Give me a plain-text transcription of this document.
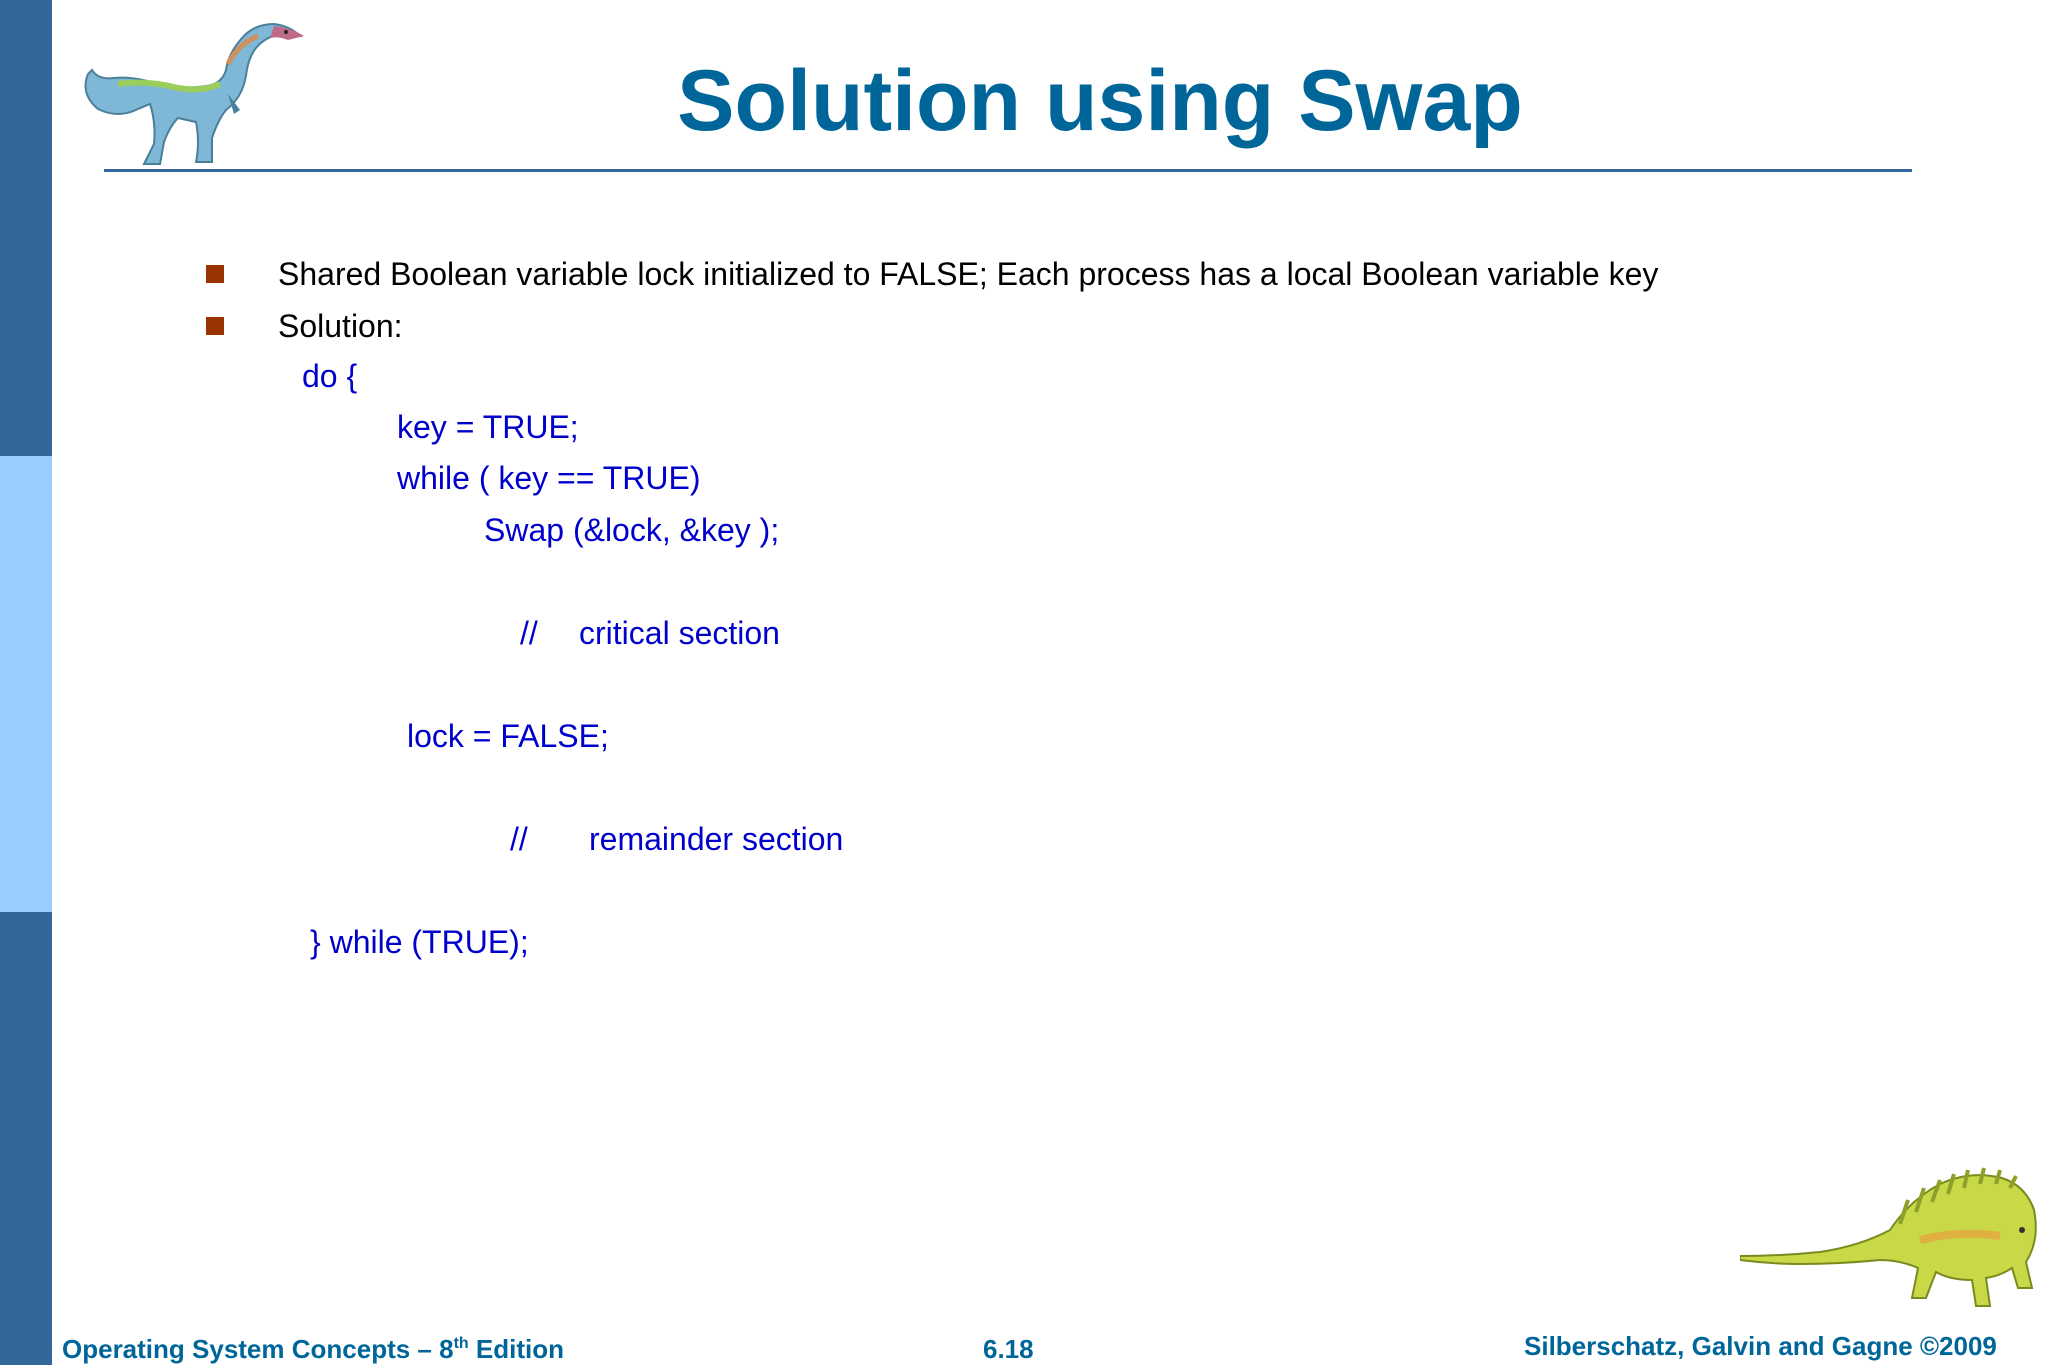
Solution using Swap
Shared Boolean variable lock initialized to FALSE; Each process has a local Boolean variable key
Solution:
do {
key = TRUE;
while ( key == TRUE)
Swap (&lock, &key );
// critical section
lock = FALSE;
// remainder section
} while (TRUE);
Operating System Concepts – 8th Edition	6.18	Silberschatz, Galvin and Gagne ©2009
